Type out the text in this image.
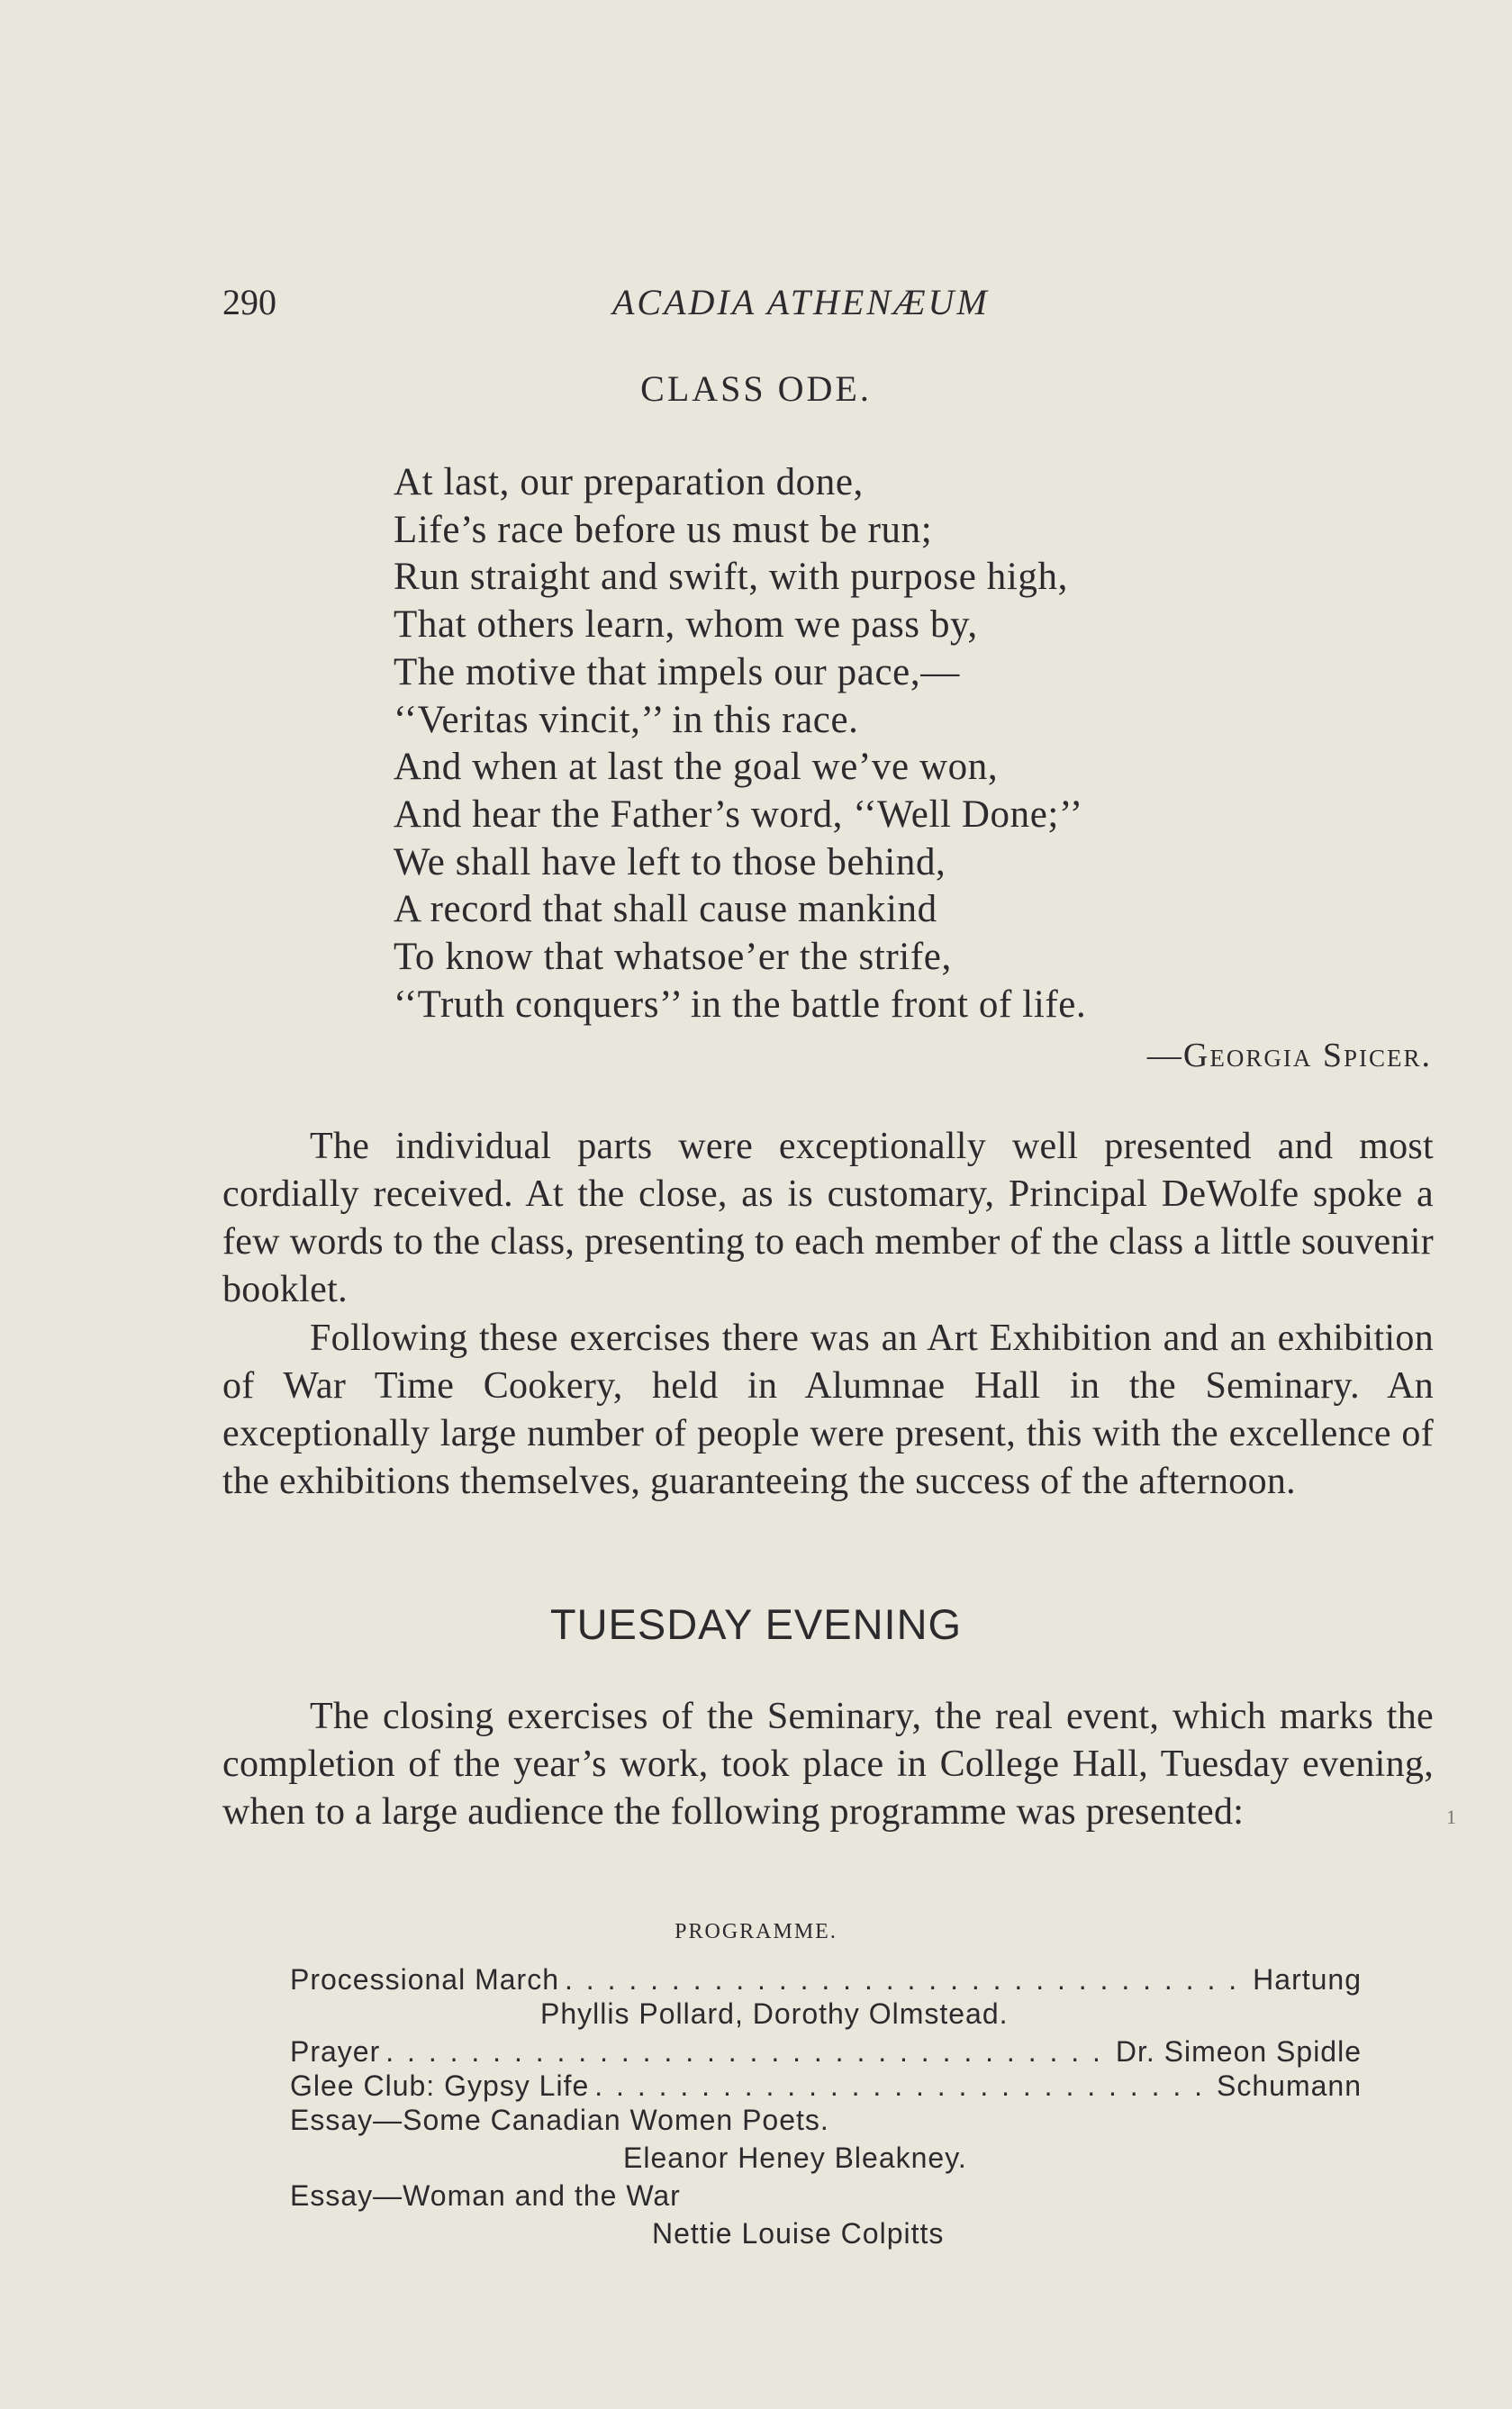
290	ACADIA ATHENÆUM
CLASS ODE.
At last, our preparation done,
Life’s race before us must be run;
Run straight and swift, with purpose high,
That others learn, whom we pass by,
The motive that impels our pace,—
‘‘Veritas vincit,’’ in this race.
And when at last the goal we’ve won,
And hear the Father’s word, ‘‘Well Done;’’
We shall have left to those behind,
A record that shall cause mankind
To know that whatsoe’er the strife,
‘‘Truth conquers’’ in the battle front of life.
—Georgia Spicer.

The individual parts were exceptionally well presented and most cordially received. At the close, as is customary, Principal DeWolfe spoke a few words to the class, presenting to each member of the class a little souvenir booklet.

Following these exercises there was an Art Exhibition and an exhibition of War Time Cookery, held in Alumnae Hall in the Seminary. An exceptionally large number of people were present, this with the excellence of the exhibitions themselves, guaranteeing the success of the afternoon.

TUESDAY EVENING

The closing exercises of the Seminary, the real event, which marks the completion of the year’s work, took place in College Hall, Tuesday evening, when to a large audience the following programme was presented:	1
PROGRAMME.
Processional March . . .	Hartung
Phyllis Pollard, Dorothy Olmstead.
Prayer . . .	Dr. Simeon Spidle
Glee Club: Gypsy Life . . .	Schumann
Essay—Some Canadian Women Poets.
Eleanor Heney Bleakney.
Essay—Woman and the War
Nettie Louise Colpitts
